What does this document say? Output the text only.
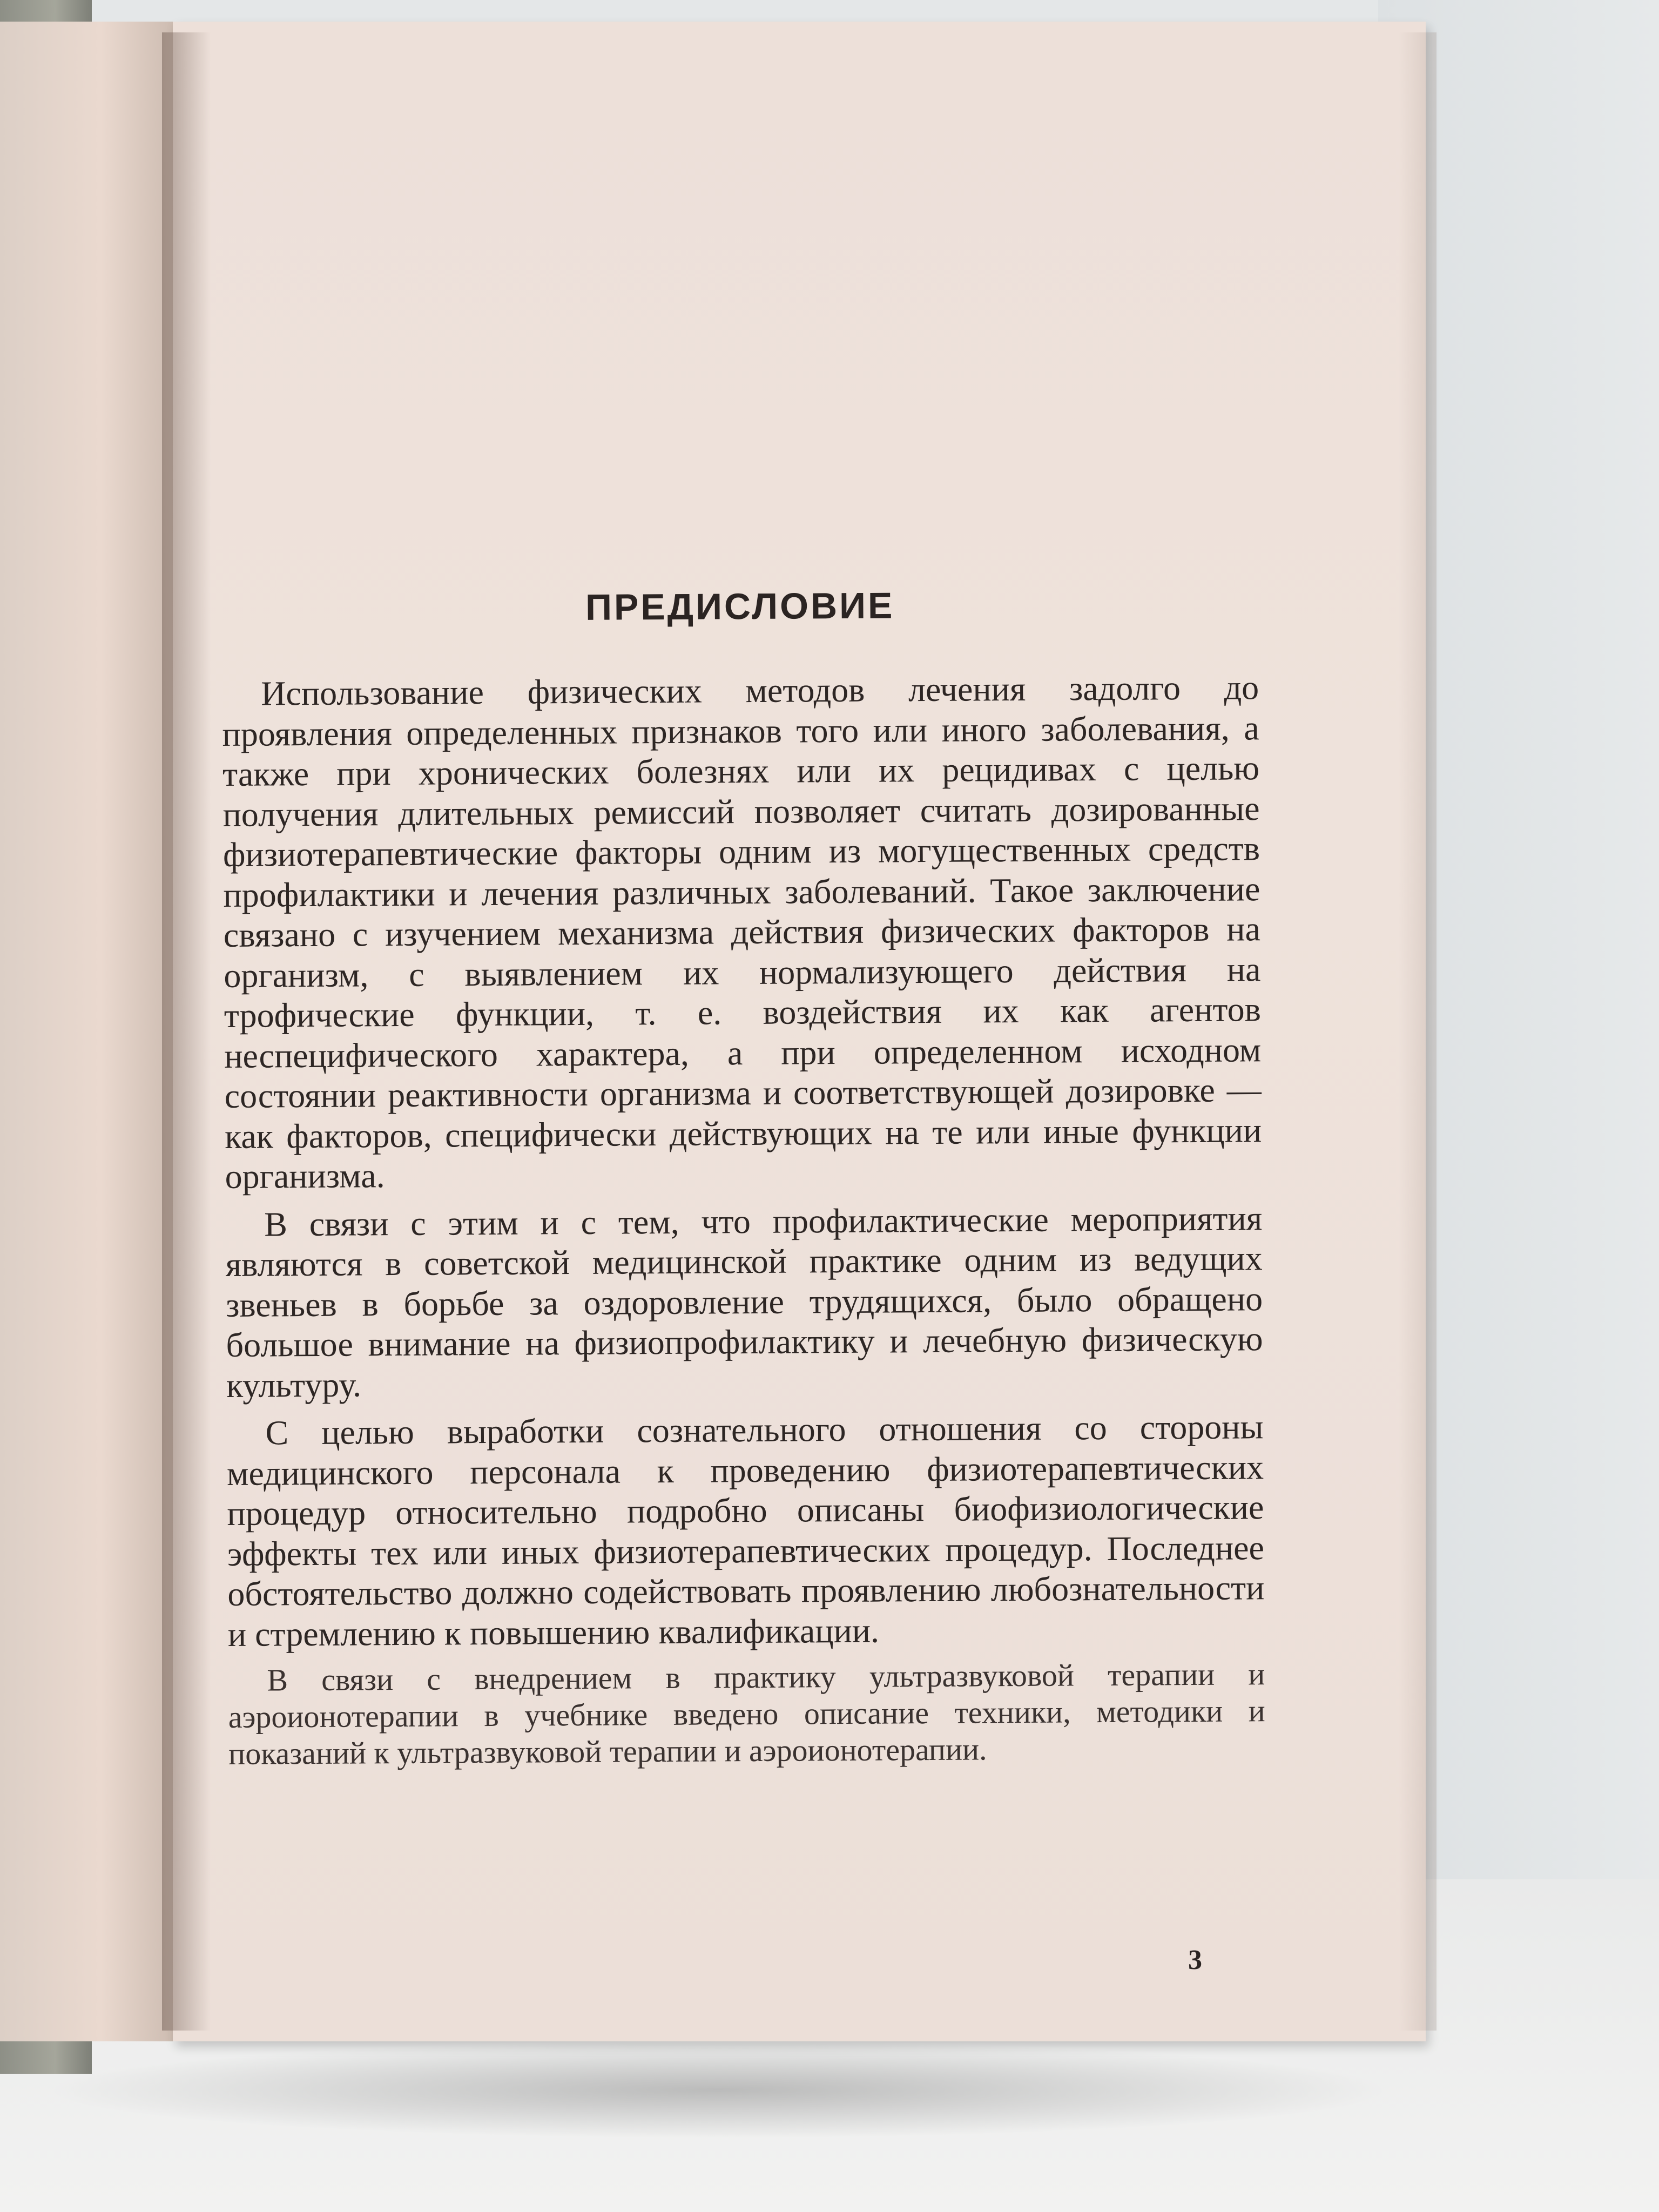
ПРЕДИСЛОВИЕ

Использование физических методов лечения задолго до проявления определенных признаков того или иного заболевания, а также при хронических болезнях или их рецидивах с целью получения длительных ремиссий позволяет считать дозированные физиотерапевтические факторы одним из могущественных средств профилактики и лечения различных заболеваний. Такое заключение связано с изучением механизма действия физических факторов на организм, с выявлением их нормализующего действия на трофические функции, т. е. воздействия их как агентов неспецифического характера, а при определенном исходном состоянии реактивности организма и соответствующей дозировке — как факторов, специфически действующих на те или иные функции организма.

В связи с этим и с тем, что профилактические мероприятия являются в советской медицинской практике одним из ведущих звеньев в борьбе за оздоровление трудящихся, было обращено большое внимание на физиопрофилактику и лечебную физическую культуру.

С целью выработки сознательного отношения со стороны медицинского персонала к проведению физиотерапевтических процедур относительно подробно описаны биофизиологические эффекты тех или иных физиотерапевтических процедур. Последнее обстоятельство должно содействовать проявлению любознательности и стремлению к повышению квалификации.

В связи с внедрением в практику ультразвуковой терапии и аэроионотерапии в учебнике введено описание техники, методики и показаний к ультразвуковой терапии и аэроионотерапии.

3
